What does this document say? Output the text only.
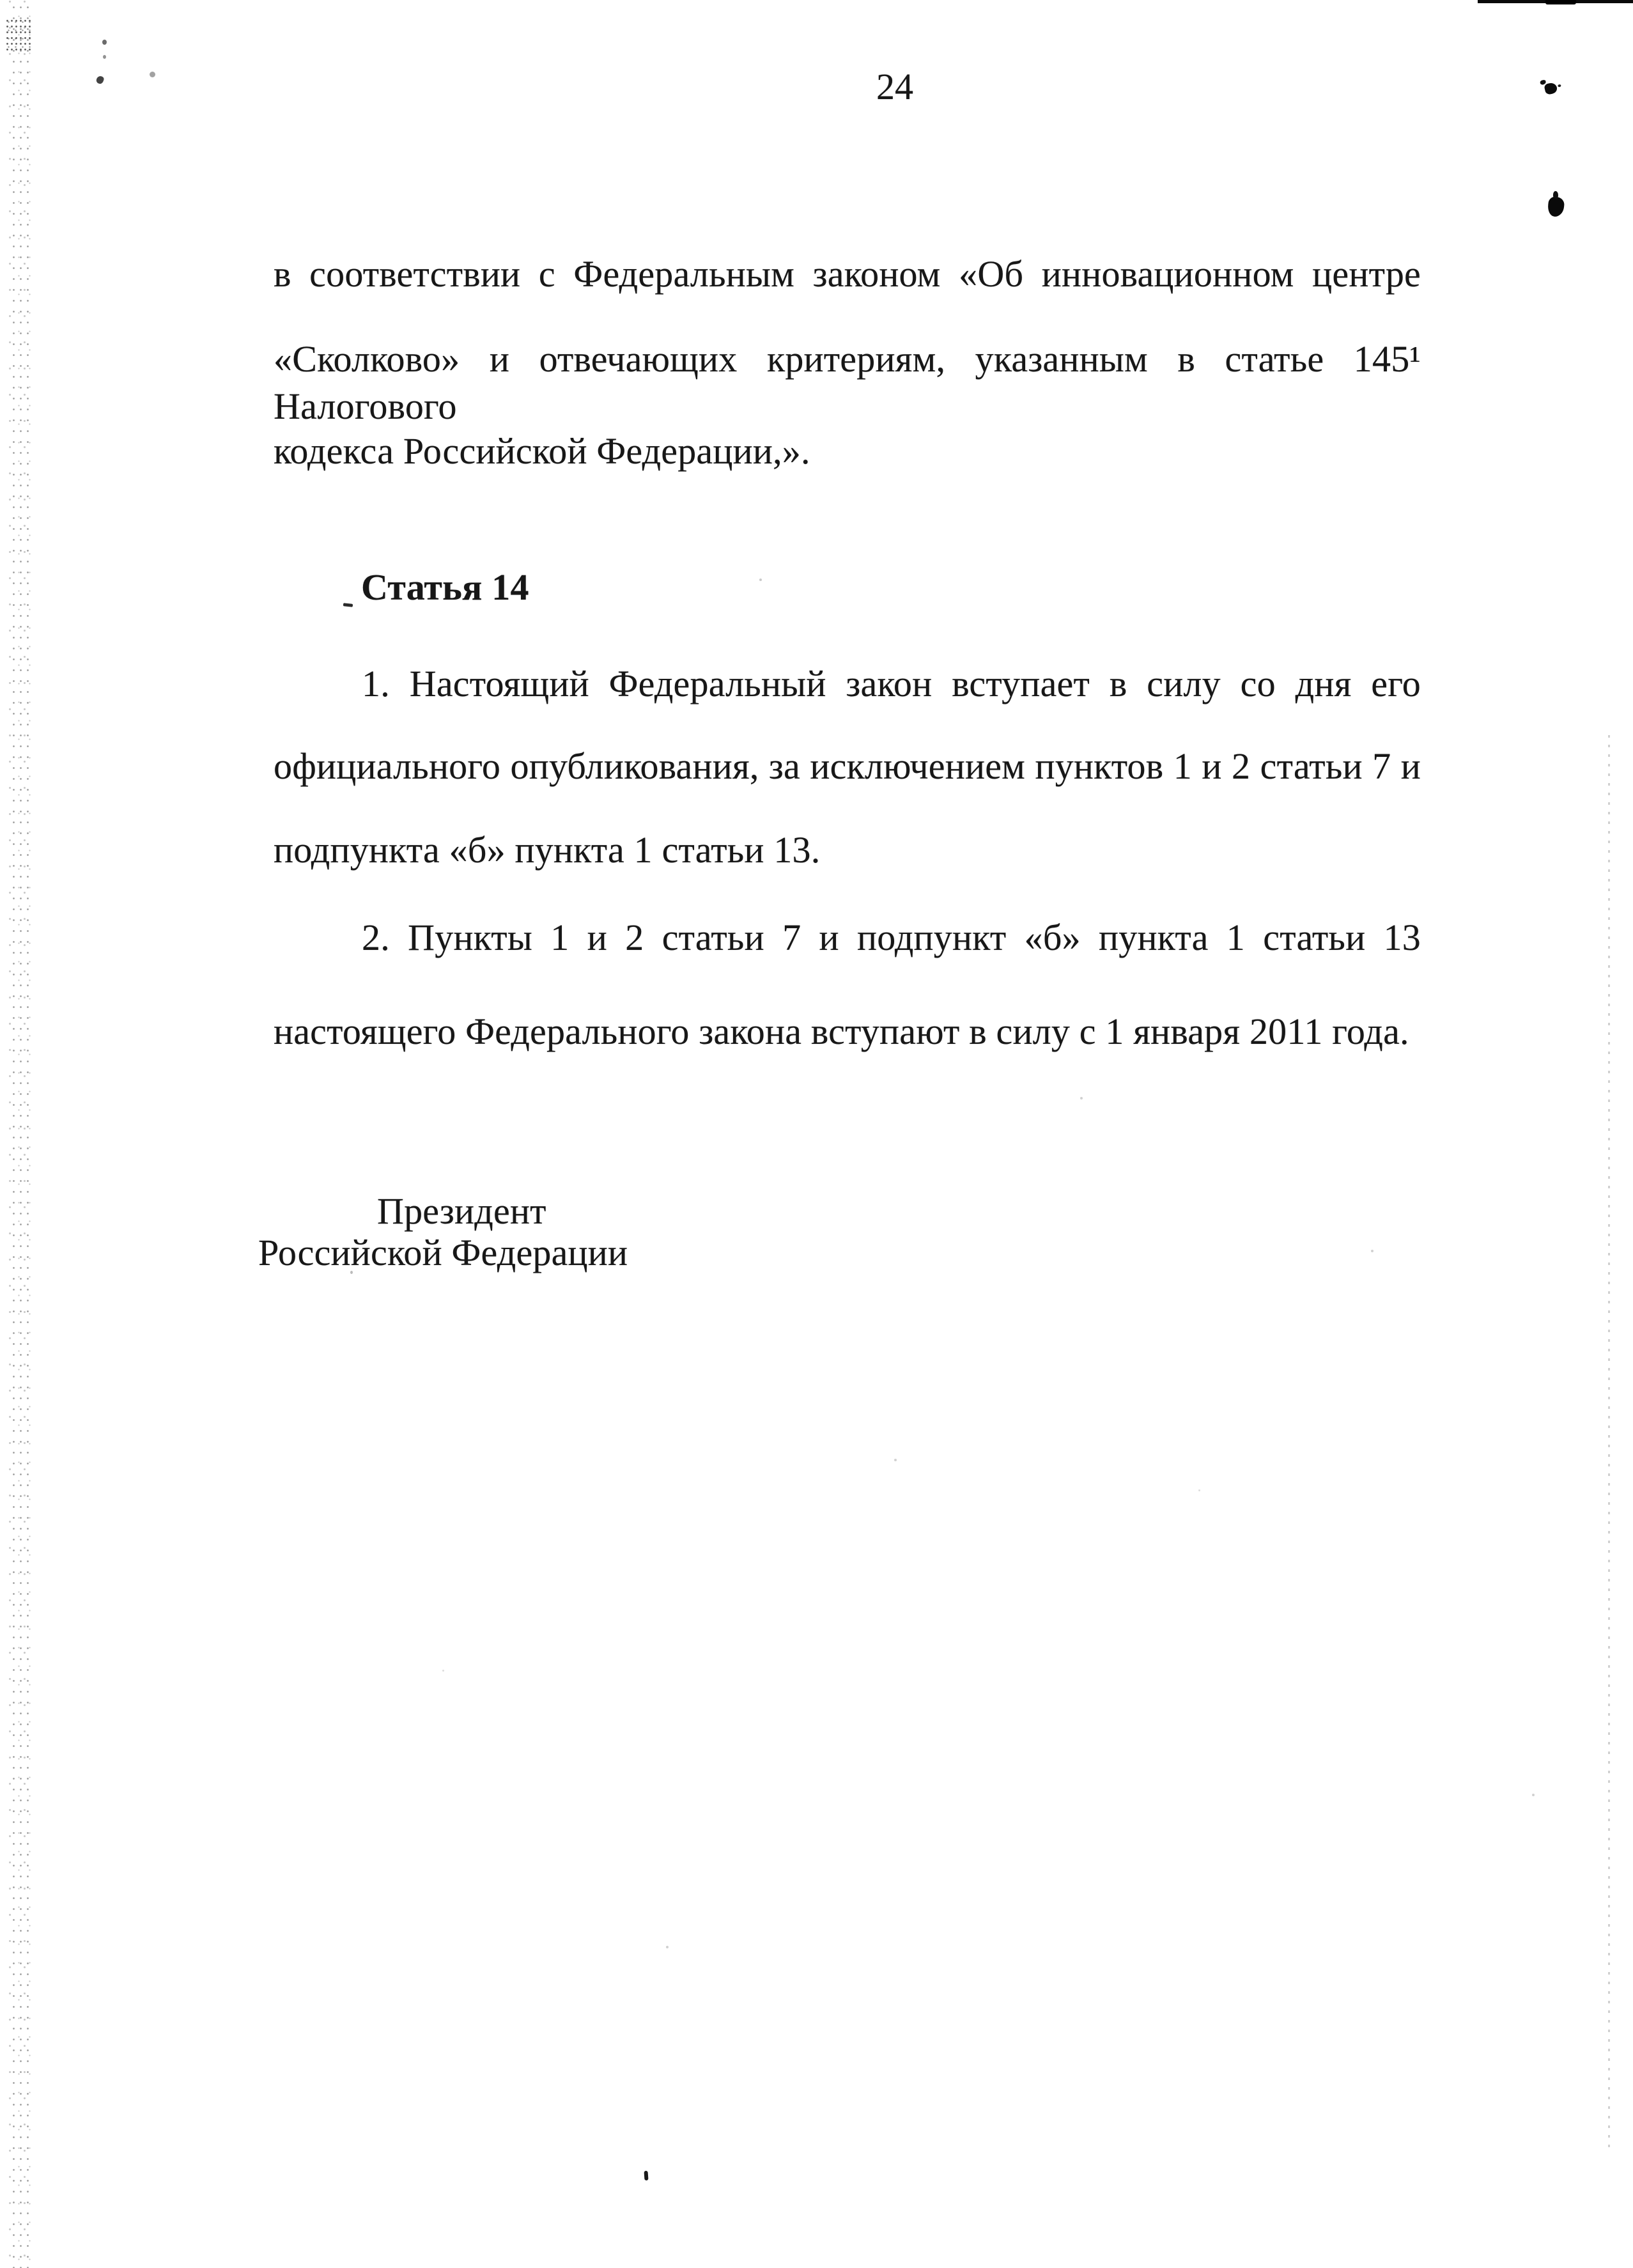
24
в соответствии с Федеральным законом «Об инновационном центре
«Сколково» и отвечающих критериям, указанным в статье 145¹ Налогового
кодекса Российской Федерации,».
Статья 14
1. Настоящий Федеральный закон вступает в силу со дня его
официального опубликования, за исключением пунктов 1 и 2 статьи 7 и
подпункта «б» пункта 1 статьи 13.
2. Пункты 1 и 2 статьи 7 и подпункт «б» пункта 1 статьи 13
настоящего Федерального закона вступают в силу с 1 января 2011 года.
Президент
Российской Федерации
